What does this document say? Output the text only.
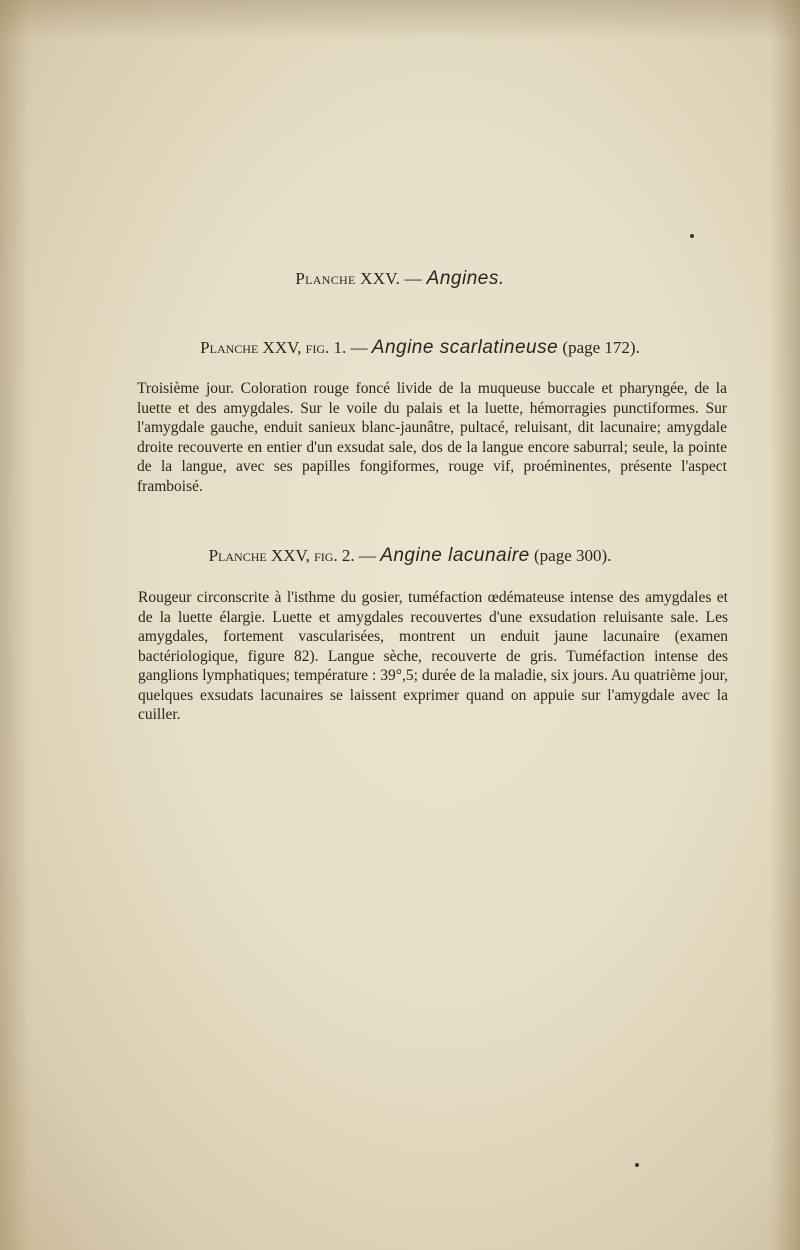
Planche XXV. — Angines.
Planche XXV, fig. 1. — Angine scarlatineuse (page 172).

Troisième jour. Coloration rouge foncé livide de la muqueuse buccale et pharyngée, de la luette et des amygdales. Sur le voile du palais et la luette, hémorragies punctiformes. Sur l'amygdale gauche, enduit sanieux blanc-jaunâtre, pultacé, reluisant, dit lacunaire; amygdale droite recouverte en entier d'un exsudat sale, dos de la langue encore saburral; seule, la pointe de la langue, avec ses papilles fongiformes, rouge vif, proéminentes, présente l'aspect framboisé.

Planche XXV, fig. 2. — Angine lacunaire (page 300).

Rougeur circonscrite à l'isthme du gosier, tuméfaction œdémateuse intense des amygdales et de la luette élargie. Luette et amygdales recouvertes d'une exsudation reluisante sale. Les amygdales, fortement vascularisées, montrent un enduit jaune lacunaire (examen bactériologique, figure 82). Langue sèche, recouverte de gris. Tuméfaction intense des ganglions lymphatiques; température : 39°,5; durée de la maladie, six jours. Au quatrième jour, quelques exsudats lacunaires se laissent exprimer quand on appuie sur l'amygdale avec la cuiller.
